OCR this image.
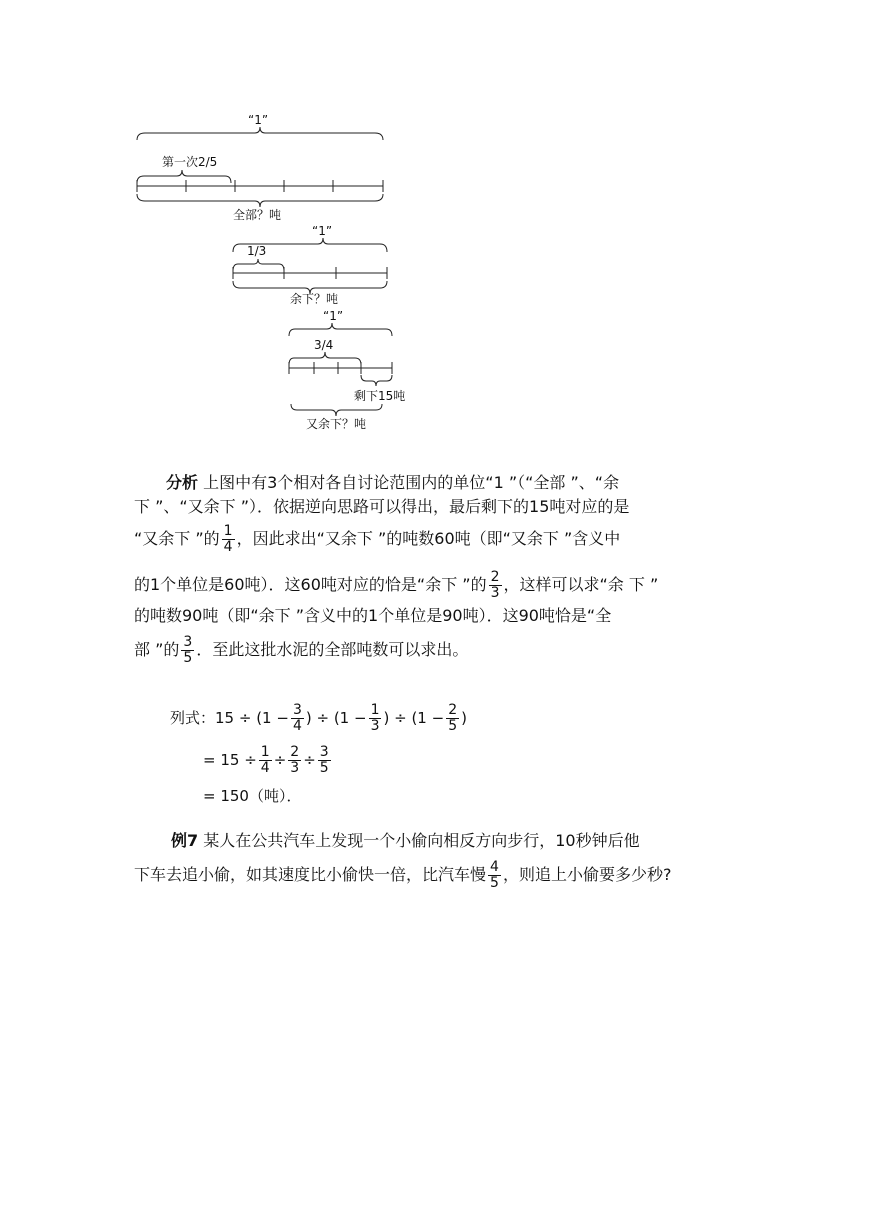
“1”
第一次2/5
全部？吨
“1”
1/3
余下？吨
“1”
3/4
剩下15吨
又余下？吨
分析 上图中有3个相对各自讨论范围内的单位“1 ”（“全部 ”、“余
下 ”、“又余下 ”）．依据逆向思路可以得出，最后剩下的15吨对应的是
“又余下 ”的 $\frac{1}{4}$ ，因此求出“又余下 ”的吨数60吨（即“又余下 ”含义中
的1个单位是60吨）．这60吨对应的恰是“余下 ”的 $\frac{2}{3}$ ，这样可以求“余 下 ”
的吨数90吨（即“余下 ”含义中的1个单位是90吨）．这90吨恰是“全
部 ”的 $\frac{3}{5}$ ．至此这批水泥的全部吨数可以求出。
列式：$15 \div (1 - \frac{3}{4}$ ) ÷ ($1 - \frac{1}{3}$ ) ÷ ($1 - \frac{2}{5}$ )
= $15 \div \frac{1}{4} \div \frac{2}{3} \div \frac{3}{5}$
= 150（吨）．
例7 某人在公共汽车上发现一个小偷向相反方向步行，10秒钟后他
下车去追小偷，如其速度比小偷快一倍，比汽车慢 $\frac{4}{5}$ ，则追上小偷要多少秒?
